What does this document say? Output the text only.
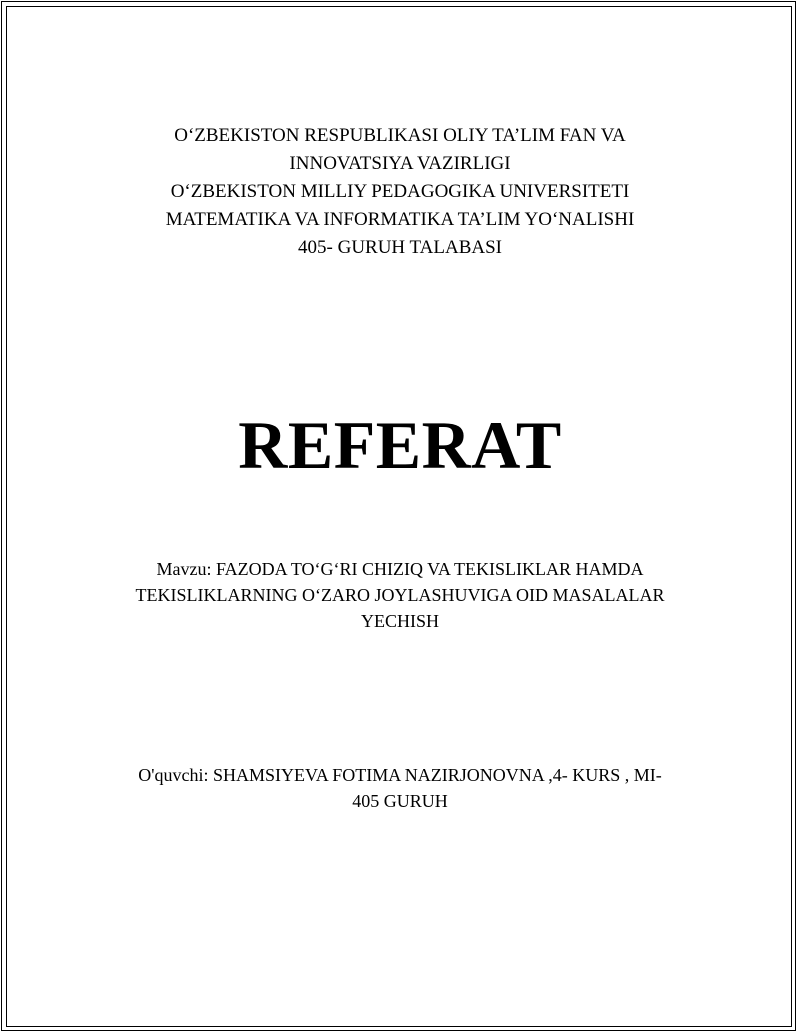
O‘ZBEKISTON RESPUBLIKASI OLIY TA’LIM FAN VA
INNOVATSIYA VAZIRLIGI
O‘ZBEKISTON MILLIY PEDAGOGIKA UNIVERSITETI
MATEMATIKA VA INFORMATIKA TA’LIM YO‘NALISHI
405- GURUH TALABASI
REFERAT
Mavzu: FAZODA TO‘G‘RI CHIZIQ VA TEKISLIKLAR HAMDA
TEKISLIKLARNING O‘ZARO JOYLASHUVIGA OID MASALALAR
YECHISH
O'quvchi: SHAMSIYEVA FOTIMA NAZIRJONOVNA ,4- KURS , MI-
405 GURUH
